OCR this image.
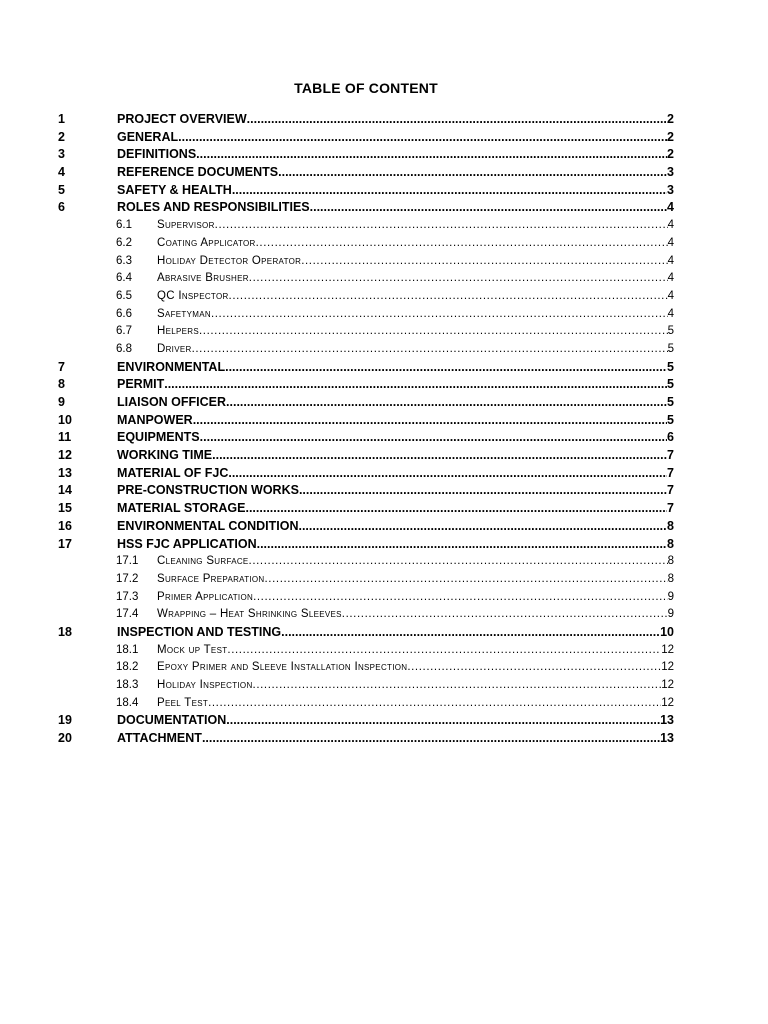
TABLE OF CONTENT
1	PROJECT OVERVIEW .....	2
2	GENERAL .....	2
3	DEFINITIONS .....	2
4	REFERENCE DOCUMENTS .....	3
5	SAFETY & HEALTH .....	3
6	ROLES AND RESPONSIBILITIES .....	4
6.1	Supervisor .....	4
6.2	Coating Applicator .....	4
6.3	Holiday Detector Operator .....	4
6.4	Abrasive Brusher .....	4
6.5	QC Inspector .....	4
6.6	Safetyman .....	4
6.7	Helpers .....	5
6.8	Driver .....	5
7	ENVIRONMENTAL .....	5
8	PERMIT .....	5
9	LIAISON OFFICER .....	5
10	MANPOWER .....	5
11	EQUIPMENTS .....	6
12	WORKING TIME .....	7
13	MATERIAL OF FJC .....	7
14	PRE-CONSTRUCTION WORKS .....	7
15	MATERIAL STORAGE .....	7
16	ENVIRONMENTAL CONDITION .....	8
17	HSS FJC APPLICATION .....	8
17.1	Cleaning Surface .....	8
17.2	Surface Preparation .....	8
17.3	Primer Application .....	9
17.4	Wrapping – Heat Shrinking Sleeves .....	9
18	INSPECTION AND TESTING .....	10
18.1	Mock up Test .....	12
18.2	Epoxy Primer and Sleeve Installation Inspection .....	12
18.3	Holiday Inspection .....	12
18.4	Peel Test .....	12
19	DOCUMENTATION .....	13
20	ATTACHMENT .....	13
